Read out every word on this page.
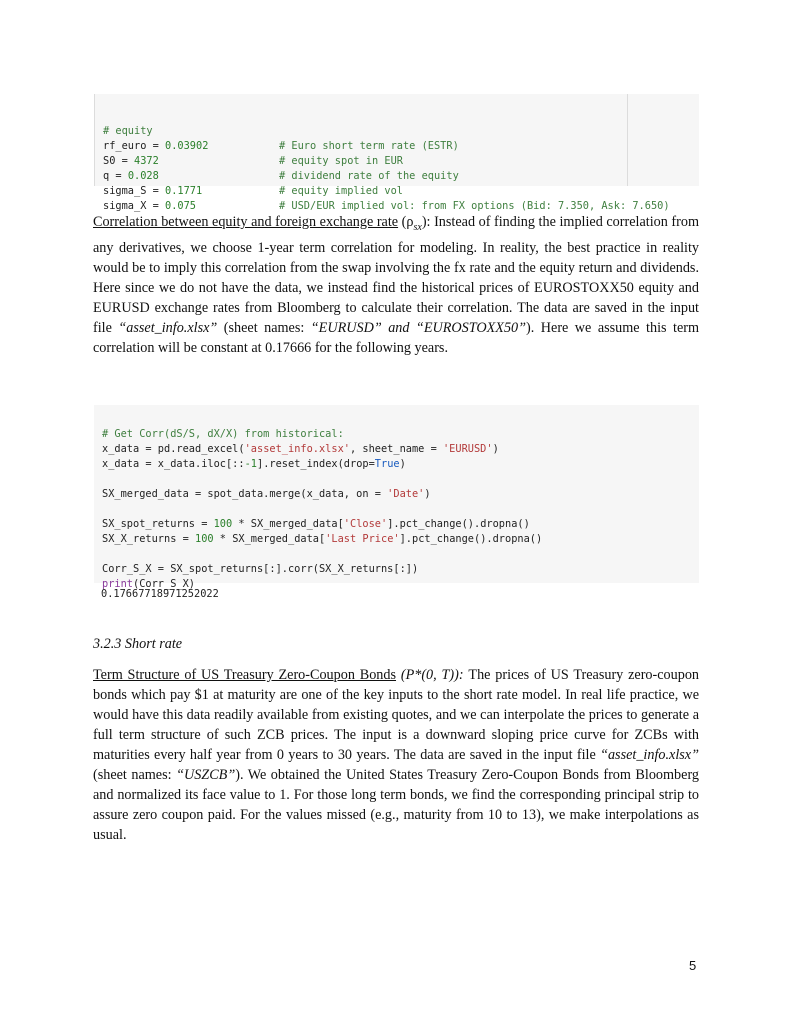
# equity
rf_euro = 0.03902	# Euro short term rate (ESTR)
S0 = 4372	# equity spot in EUR
q = 0.028	# dividend rate of the equity
sigma_S = 0.1771	# equity implied vol
sigma_X = 0.075	# USD/EUR implied vol: from FX options (Bid: 7.350, Ask: 7.650)

Correlation between equity and foreign exchange rate $(\rho_{sx})$: Instead of finding the implied correlation from any derivatives, we choose 1-year term correlation for modeling. In reality, the best practice in reality would be to imply this correlation from the swap involving the fx rate and the equity return and dividends. Here since we do not have the data, we instead find the historical prices of EUROSTOXX50 equity and EURUSD exchange rates from Bloomberg to calculate their correlation. The data are saved in the input file “asset_info.xlsx” (sheet names: “EURUSD” and “EUROSTOXX50”). Here we assume this term correlation will be constant at 0.17666 for the following years.

# Get Corr(dS/S, dX/X) from historical:
x_data = pd.read_excel('asset_info.xlsx', sheet_name = 'EURUSD')
x_data = x_data.iloc[::-1].reset_index(drop=True)
SX_merged_data = spot_data.merge(x_data, on = 'Date')
SX_spot_returns = 100 * SX_merged_data['Close'].pct_change().dropna()
SX_X_returns = 100 * SX_merged_data['Last Price'].pct_change().dropna()
Corr_S_X = SX_spot_returns[:].corr(SX_X_returns[:])
print(Corr_S_X)
0.17667718971252022

3.2.3 Short rate

Term Structure of US Treasury Zero-Coupon Bonds (P*(0, T)): The prices of US Treasury zero-coupon bonds which pay $1 at maturity are one of the key inputs to the short rate model. In real life practice, we would have this data readily available from existing quotes, and we can interpolate the prices to generate a full term structure of such ZCB prices. The input is a downward sloping price curve for ZCBs with maturities every half year from 0 years to 30 years. The data are saved in the input file “asset_info.xlsx” (sheet names: “USZCB”). We obtained the United States Treasury Zero-Coupon Bonds from Bloomberg and normalized its face value to 1. For those long term bonds, we find the corresponding principal strip to assure zero coupon paid. For the values missed (e.g., maturity from 10 to 13), we make interpolations as usual.

5
